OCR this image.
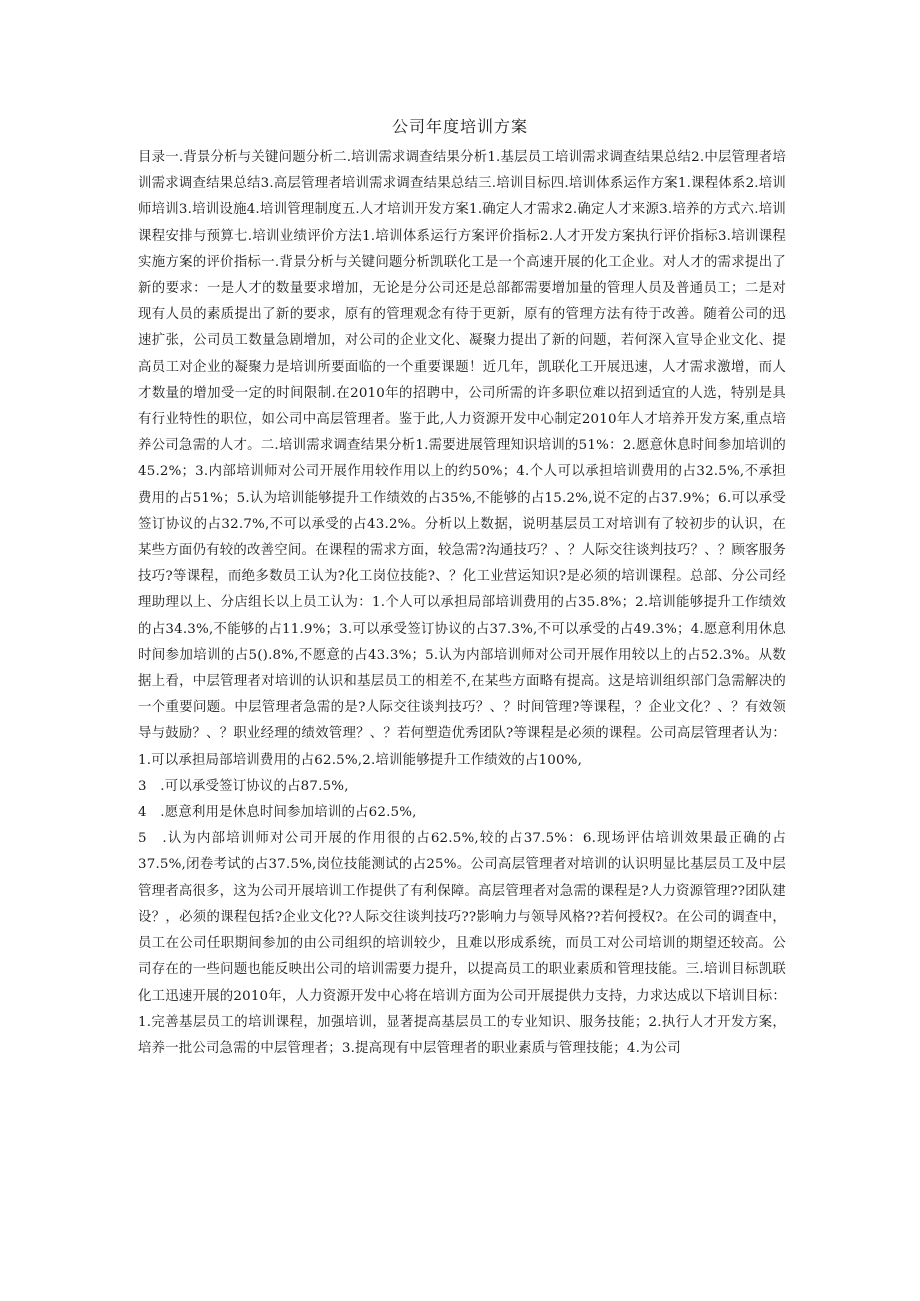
公司年度培训方案

目录一.背景分析与关键问题分析二.培训需求调查结果分析1.基层员工培训需求调查结果总结2.中层管理者培训需求调查结果总结3.高层管理者培训需求调查结果总结三.培训目标四.培训体系运作方案1.课程体系2.培训师培训3.培训设施4.培训管理制度五.人才培训开发方案1.确定人才需求2.确定人才来源3.培养的方式六.培训课程安排与预算七.培训业绩评价方法1.培训体系运行方案评价指标2.人才开发方案执行评价指标3.培训课程实施方案的评价指标一.背景分析与关键问题分析凯联化工是一个高速开展的化工企业。对人才的需求提出了新的要求：一是人才的数量要求增加，无论是分公司还是总部都需要增加量的管理人员及普通员工；二是对现有人员的素质提出了新的要求，原有的管理观念有待于更新，原有的管理方法有待于改善。随着公司的迅速扩张，公司员工数量急剧增加，对公司的企业文化、凝聚力提出了新的问题，若何深入宣导企业文化、提高员工对企业的凝聚力是培训所要面临的一个重要课题！近几年，凯联化工开展迅速，人才需求激增，而人才数量的增加受一定的时间限制.在2010年的招聘中，公司所需的许多职位难以招到适宜的人选，特别是具有行业特性的职位，如公司中高层管理者。鉴于此,人力资源开发中心制定2010年人才培养开发方案,重点培养公司急需的人才。二.培训需求调查结果分析1.需要进展管理知识培训的51%：2.愿意休息时间参加培训的45.2%；3.内部培训师对公司开展作用较作用以上的约50%；4.个人可以承担培训费用的占32.5%,不承担费用的占51%；5.认为培训能够提升工作绩效的占35%,不能够的占15.2%,说不定的占37.9%；6.可以承受签订协议的占32.7%,不可以承受的占43.2%。分析以上数据，说明基层员工对培训有了较初步的认识，在某些方面仍有较的改善空间。在课程的需求方面，较急需?沟通技巧？、？人际交往谈判技巧？、？顾客服务技巧?等课程，而绝多数员工认为?化工岗位技能?、？化工业营运知识?是必须的培训课程。总部、分公司经理助理以上、分店组长以上员工认为：1.个人可以承担局部培训费用的占35.8%；2.培训能够提升工作绩效的占34.3%,不能够的占11.9%；3.可以承受签订协议的占37.3%,不可以承受的占49.3%；4.愿意利用休息时间参加培训的占5().8%,不愿意的占43.3%；5.认为内部培训师对公司开展作用较以上的占52.3%。从数据上看，中层管理者对培训的认识和基层员工的相差不,在某些方面略有提高。这是培训组织部门急需解决的一个重要问题。中层管理者急需的是?人际交往谈判技巧？、？时间管理?等课程，？企业文化？、？有效领导与鼓励？、？职业经理的绩效管理？、？若何塑造优秀团队?等课程是必须的课程。公司高层管理者认为：1.可以承担局部培训费用的占62.5%,2.培训能够提升工作绩效的占100%,

3　.可以承受签订协议的占87.5%,

4　.愿意利用是休息时间参加培训的占62.5%,

5　.认为内部培训师对公司开展的作用很的占62.5%,较的占37.5%：6.现场评估培训效果最正确的占37.5%,闭卷考试的占37.5%,岗位技能测试的占25%。公司高层管理者对培训的认识明显比基层员工及中层管理者高很多，这为公司开展培训工作提供了有利保障。高层管理者对急需的课程是?人力资源管理??团队建设？，必须的课程包括?企业文化??人际交往谈判技巧??影响力与领导风格??若何授权?。在公司的调查中，员工在公司任职期间参加的由公司组织的培训较少，且难以形成系统，而员工对公司培训的期望还较高。公司存在的一些问题也能反映出公司的培训需要力提升，以提高员工的职业素质和管理技能。三.培训目标凯联化工迅速开展的2010年，人力资源开发中心将在培训方面为公司开展提供力支持，力求达成以下培训目标：1.完善基层员工的培训课程，加强培训，显著提高基层员工的专业知识、服务技能；2.执行人才开发方案，培养一批公司急需的中层管理者；3.提高现有中层管理者的职业素质与管理技能；4.为公司
